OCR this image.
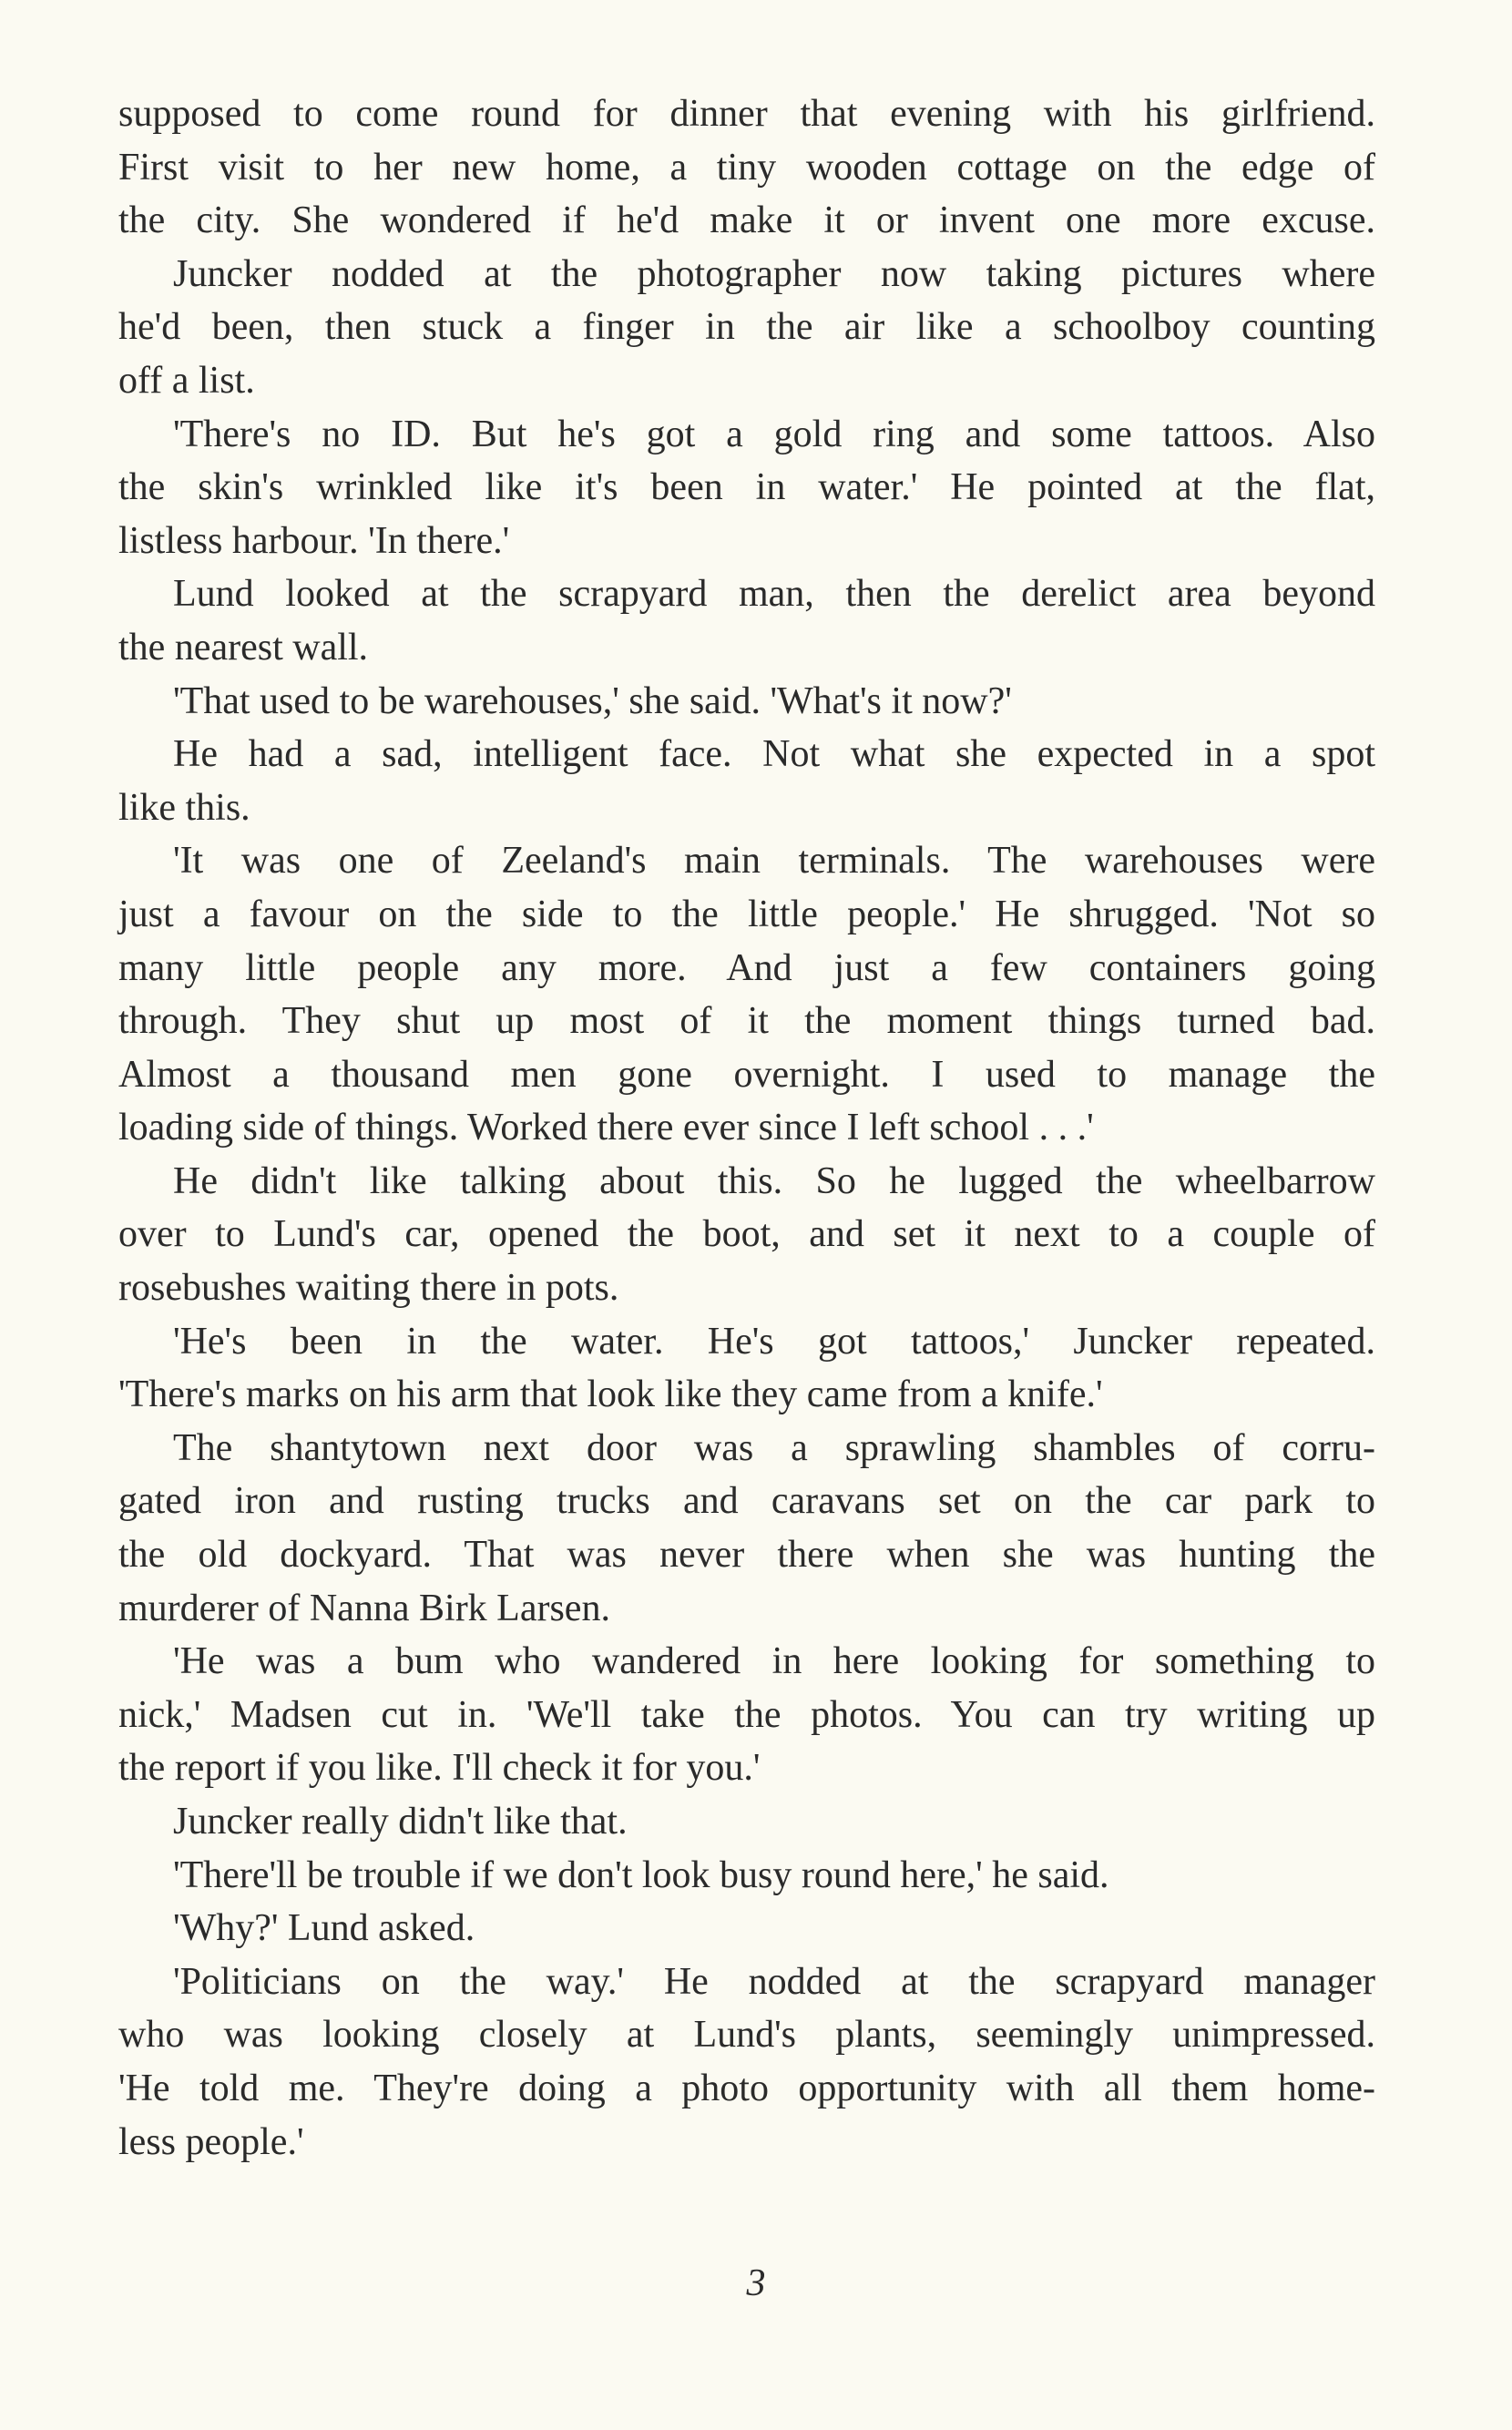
supposed to come round for dinner that evening with his girlfriend.

First visit to her new home, a tiny wooden cottage on the edge of

the city. She wondered if he'd make it or invent one more excuse.

Juncker nodded at the photographer now taking pictures where

he'd been, then stuck a finger in the air like a schoolboy counting

off a list.

'There's no ID. But he's got a gold ring and some tattoos. Also

the skin's wrinkled like it's been in water.' He pointed at the flat,

listless harbour. 'In there.'

Lund looked at the scrapyard man, then the derelict area beyond

the nearest wall.

'That used to be warehouses,' she said. 'What's it now?'

He had a sad, intelligent face. Not what she expected in a spot

like this.

'It was one of Zeeland's main terminals. The warehouses were

just a favour on the side to the little people.' He shrugged. 'Not so

many little people any more. And just a few containers going

through. They shut up most of it the moment things turned bad.

Almost a thousand men gone overnight. I used to manage the

loading side of things. Worked there ever since I left school . . .'

He didn't like talking about this. So he lugged the wheelbarrow

over to Lund's car, opened the boot, and set it next to a couple of

rosebushes waiting there in pots.

'He's been in the water. He's got tattoos,' Juncker repeated.

'There's marks on his arm that look like they came from a knife.'

The shantytown next door was a sprawling shambles of corru-

gated iron and rusting trucks and caravans set on the car park to

the old dockyard. That was never there when she was hunting the

murderer of Nanna Birk Larsen.

'He was a bum who wandered in here looking for something to

nick,' Madsen cut in. 'We'll take the photos. You can try writing up

the report if you like. I'll check it for you.'

Juncker really didn't like that.

'There'll be trouble if we don't look busy round here,' he said.

'Why?' Lund asked.

'Politicians on the way.' He nodded at the scrapyard manager

who was looking closely at Lund's plants, seemingly unimpressed.

'He told me. They're doing a photo opportunity with all them home-

less people.'

3
